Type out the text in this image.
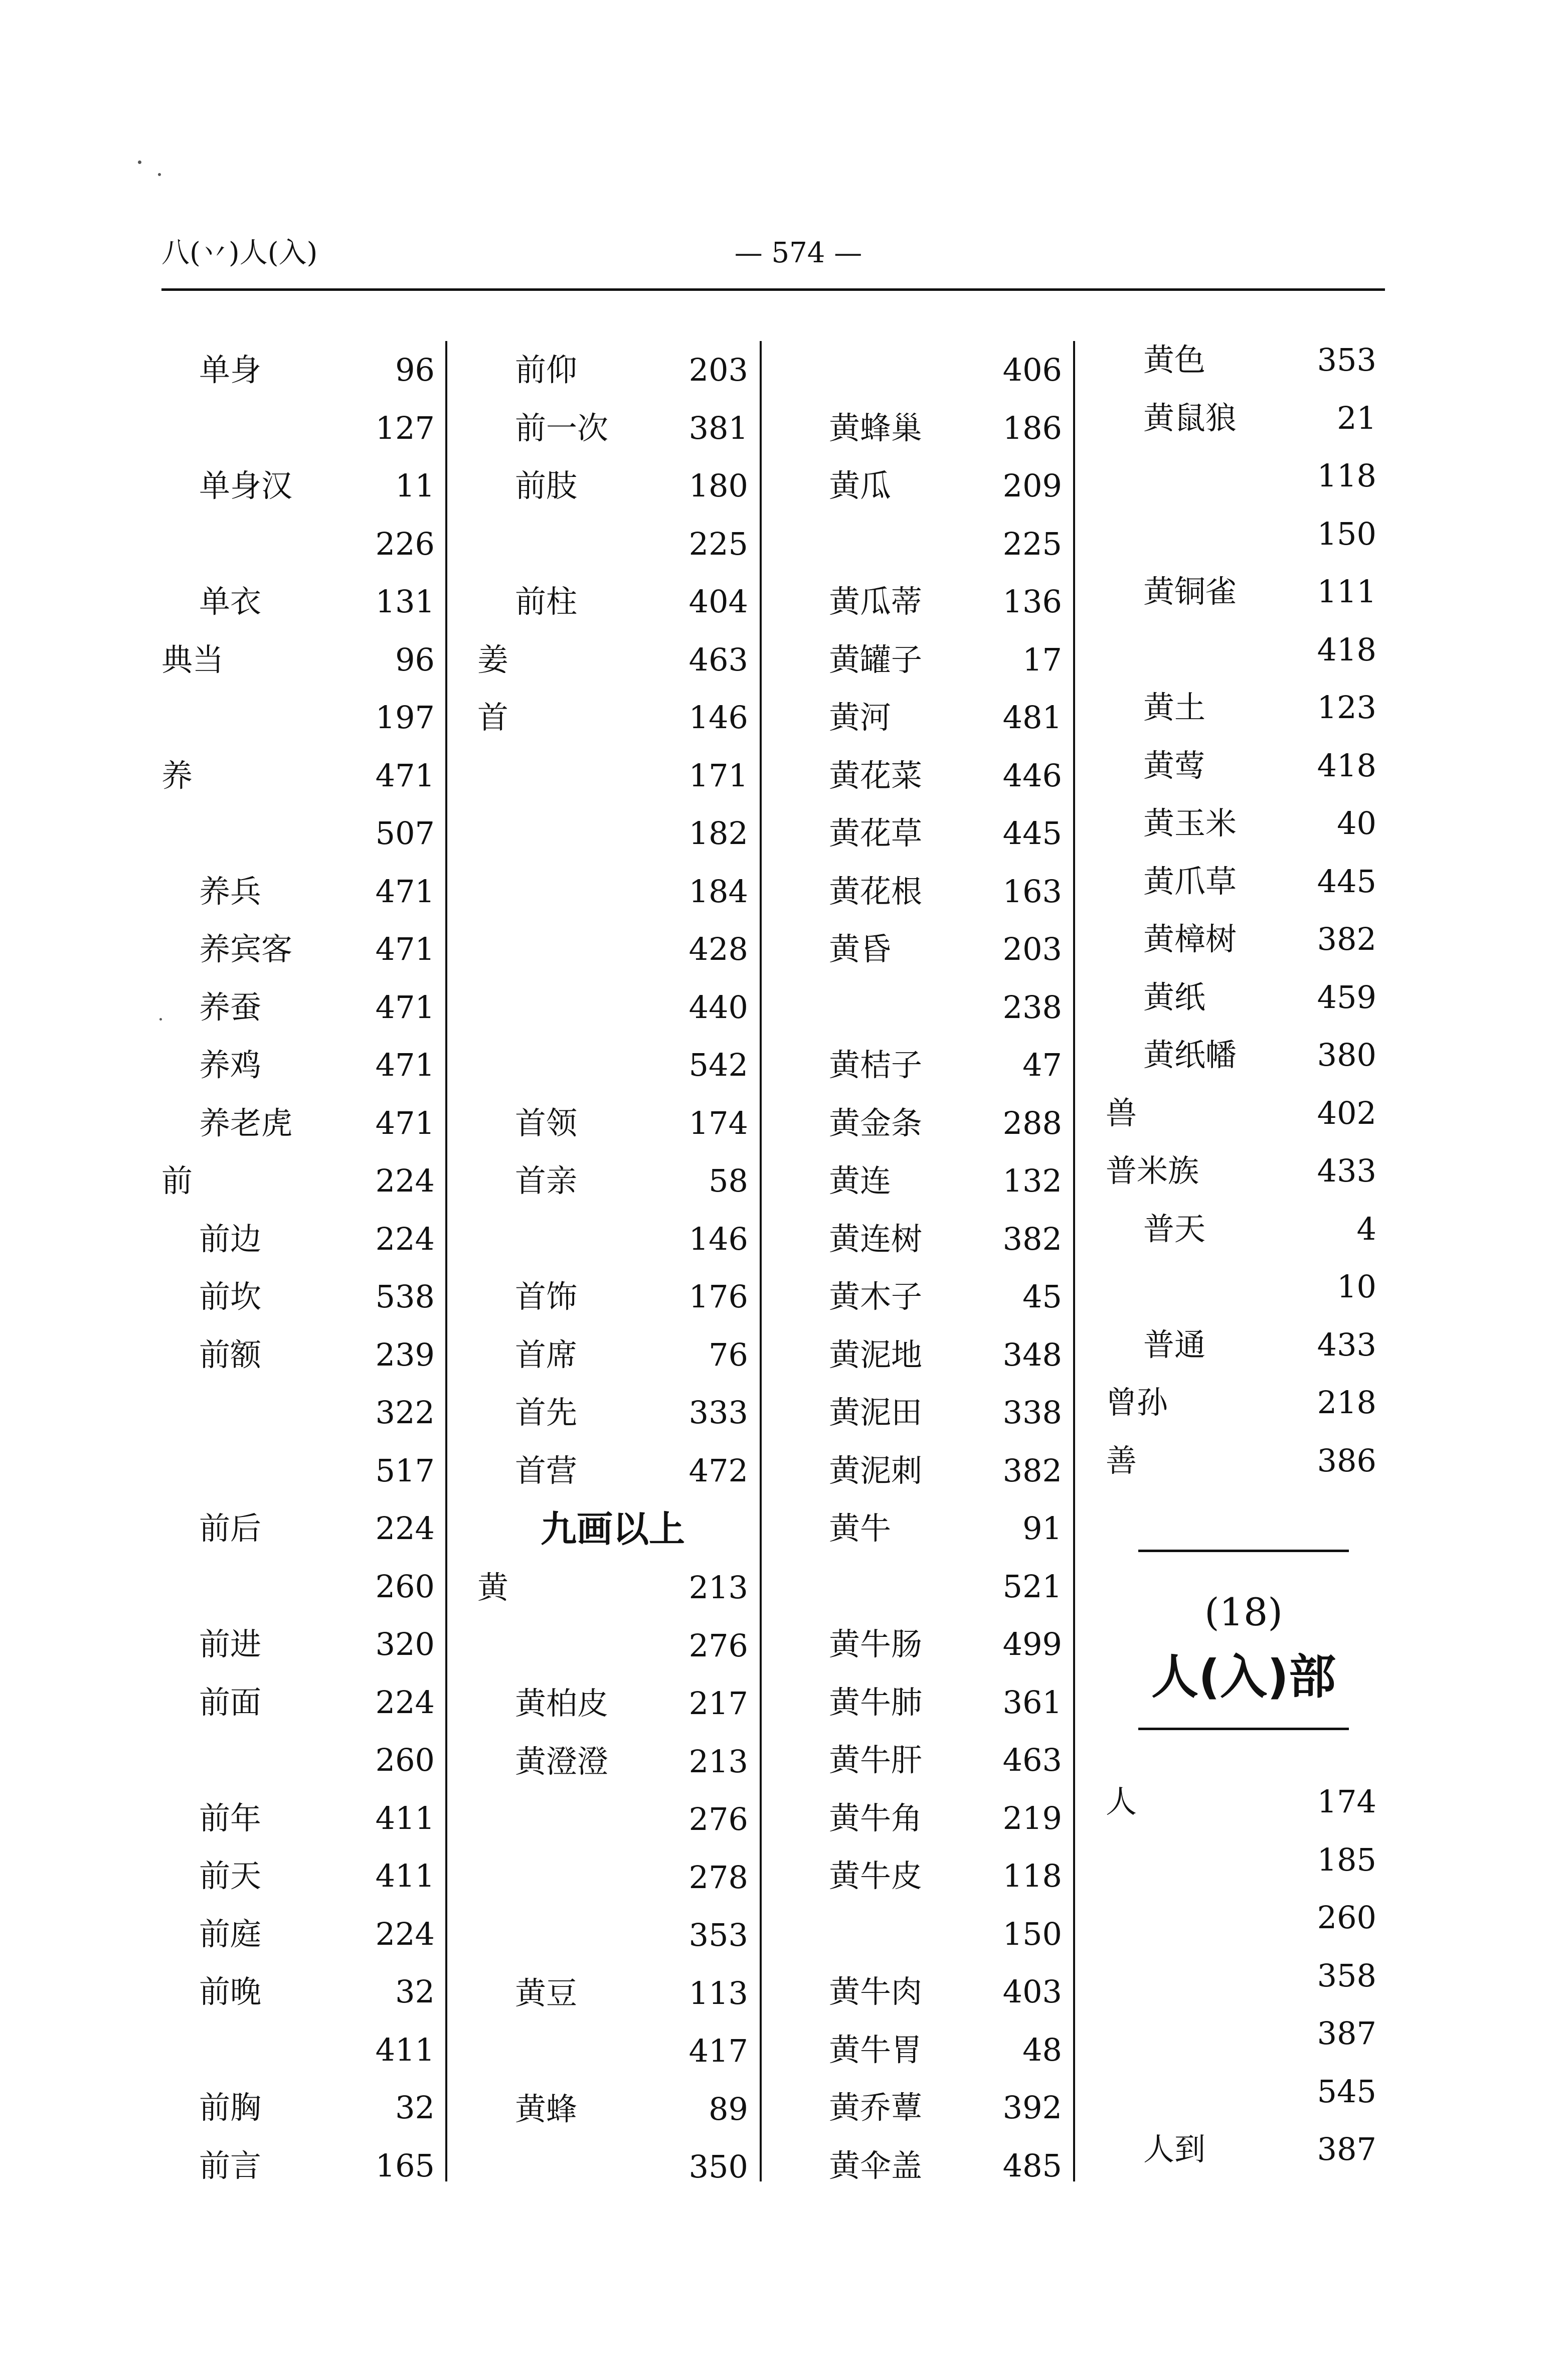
八(丷)人(入)	— 574 —
单身	96
127
单身汉	11
226
单衣	131
典当	96
197
养	471
507
养兵	471
养宾客	471
养蚕	471
养鸡	471
养老虎	471
前	224
前边	224
前坎	538
前额	239
322
517
前后	224
260
前进	320
前面	224
260
前年	411
前天	411
前庭	224
前晚	32
411
前胸	32
前言	165
前仰	203
前一次	381
前肢	180
225
前柱	404
姜	463
首	146
171
182
184
428
440
542
首领	174
首亲	58
146
首饰	176
首席	76
首先	333
首营	472
九画以上
黄	213
276
黄柏皮	217
黄澄澄	213
276
278
353
黄豆	113
417
黄蜂	89
350
406
黄蜂巢	186
黄瓜	209
225
黄瓜蒂	136
黄罐子	17
黄河	481
黄花菜	446
黄花草	445
黄花根	163
黄昏	203
238
黄桔子	47
黄金条	288
黄连	132
黄连树	382
黄木子	45
黄泥地	348
黄泥田	338
黄泥刺	382
黄牛	91
521
黄牛肠	499
黄牛肺	361
黄牛肝	463
黄牛角	219
黄牛皮	118
150
黄牛肉	403
黄牛胃	48
黄乔蕈	392
黄伞盖	485
黄色	353
黄鼠狼	21
118
150
黄铜雀	111
418
黄土	123
黄莺	418
黄玉米	40
黄爪草	445
黄樟树	382
黄纸	459
黄纸幡	380
兽	402
普米族	433
普天	4
10
普通	433
曾孙	218
善	386
(18)
人(入)部
人	174
185
260
358
387
545
人到	387
